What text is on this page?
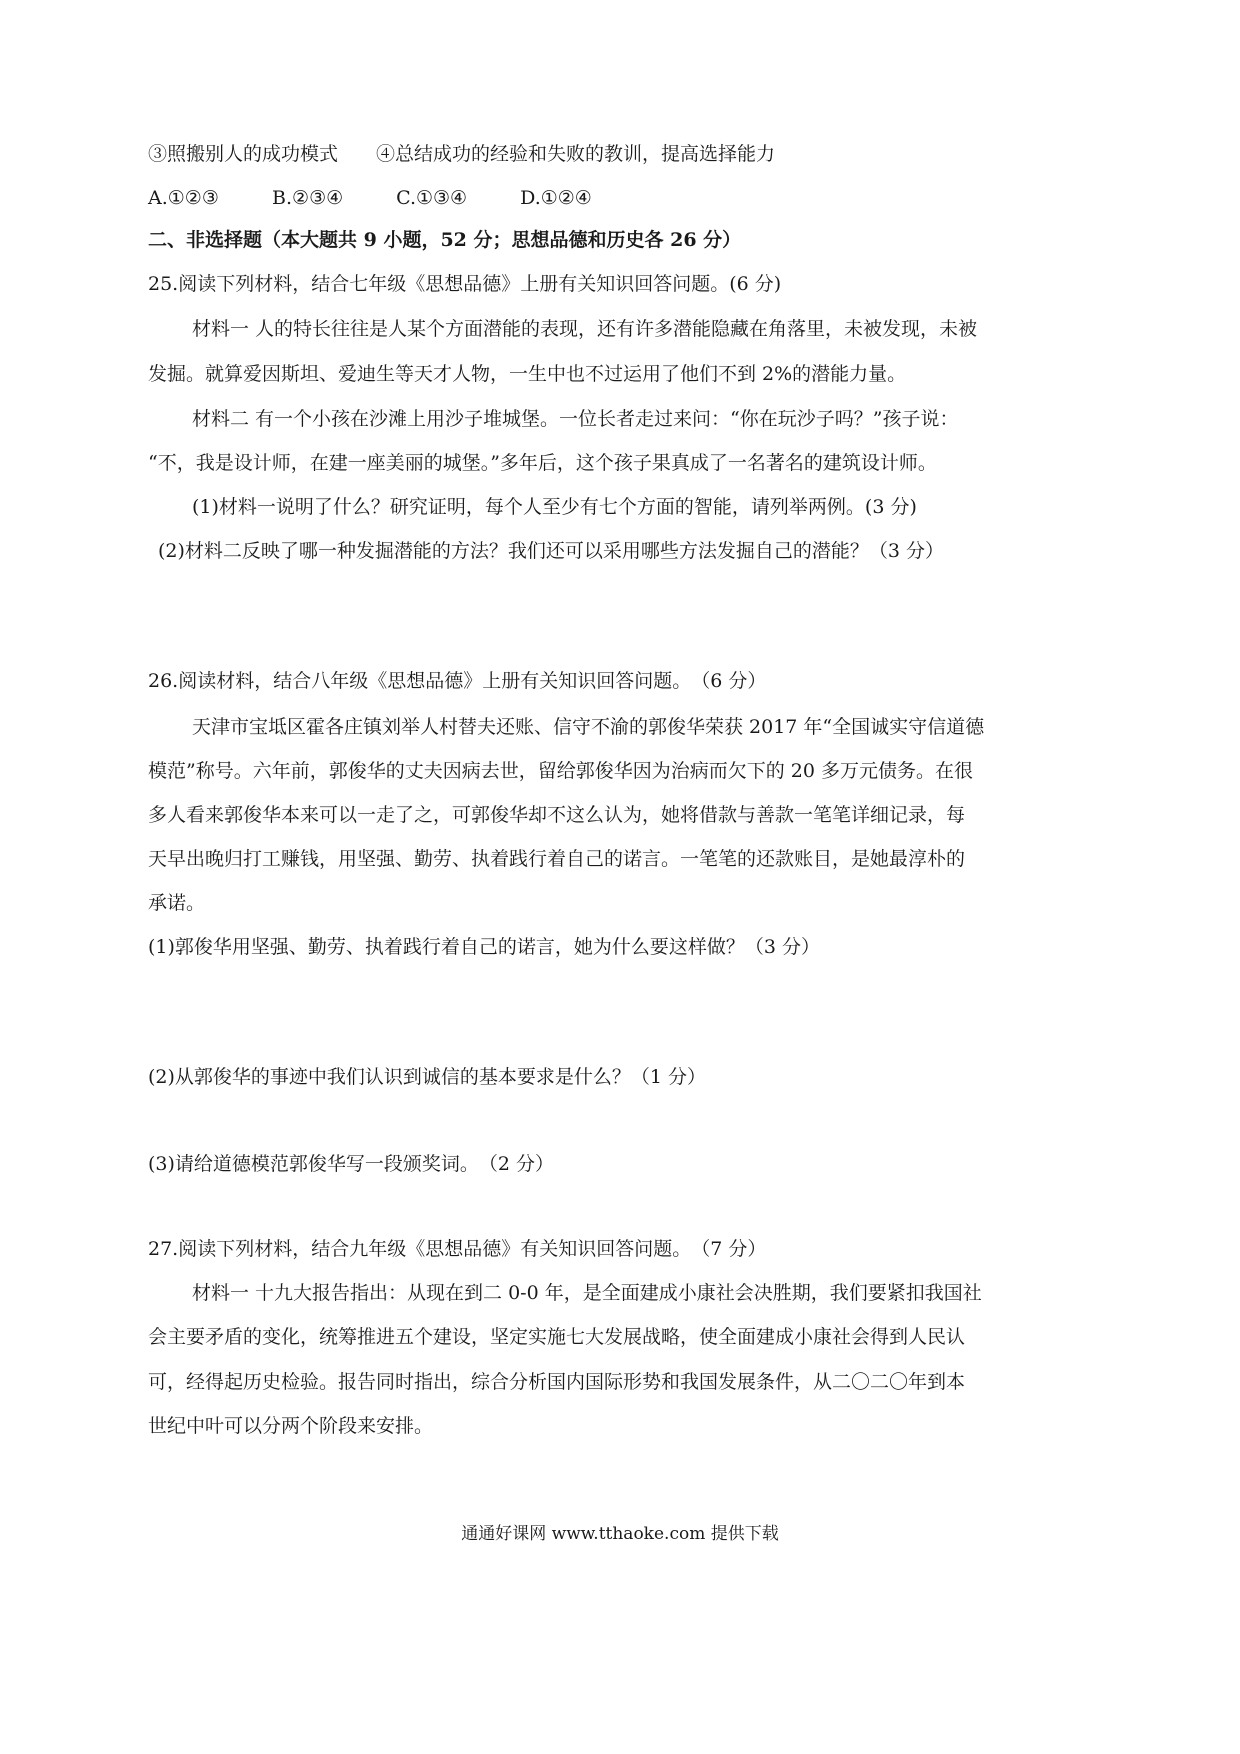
③照搬别人的成功模式　　④总结成功的经验和失败的教训，提高选择能力
A.①②③	B.②③④	C.①③④	D.①②④
二、非选择题（本大题共 9 小题，52 分；思想品德和历史各 26 分）
25.阅读下列材料，结合七年级《思想品德》上册有关知识回答问题。(6 分)
材料一 人的特长往往是人某个方面潜能的表现，还有许多潜能隐藏在角落里，未被发现，未被
发掘。就算爱因斯坦、爱迪生等天才人物，一生中也不过运用了他们不到 2%的潜能力量。
材料二 有一个小孩在沙滩上用沙子堆城堡。一位长者走过来问：“你在玩沙子吗？”孩子说：
“不，我是设计师，在建一座美丽的城堡。”多年后，这个孩子果真成了一名著名的建筑设计师。
(1)材料一说明了什么？研究证明，每个人至少有七个方面的智能，请列举两例。(3 分)
(2)材料二反映了哪一种发掘潜能的方法？我们还可以采用哪些方法发掘自己的潜能？（3 分）
26.阅读材料，结合八年级《思想品德》上册有关知识回答问题。　（6 分）
天津市宝坻区霍各庄镇刘举人村替夫还账、信守不渝的郭俊华荣获 2017 年“全国诚实守信道德
模范”称号。六年前，郭俊华的丈夫因病去世，留给郭俊华因为治病而欠下的 20 多万元债务。在很
多人看来郭俊华本来可以一走了之，可郭俊华却不这么认为，她将借款与善款一笔笔详细记录，每
天早出晚归打工赚钱，用坚强、勤劳、执着践行着自己的诺言。一笔笔的还款账目，是她最淳朴的
承诺。
(1)郭俊华用坚强、勤劳、执着践行着自己的诺言，她为什么要这样做？（3 分）
(2)从郭俊华的事迹中我们认识到诚信的基本要求是什么？（1 分）
(3)请给道德模范郭俊华写一段颁奖词。　（2 分）
27.阅读下列材料，结合九年级《思想品德》有关知识回答问题。　（7 分）
材料一 十九大报告指出：从现在到二 0-0 年，是全面建成小康社会决胜期，我们要紧扣我国社
会主要矛盾的变化，统筹推进五个建设，坚定实施七大发展战略，使全面建成小康社会得到人民认
可，经得起历史检验。报告同时指出，综合分析国内国际形势和我国发展条件，从二〇二〇年到本
世纪中叶可以分两个阶段来安排。
通通好课网 www.tthaoke.com 提供下载
